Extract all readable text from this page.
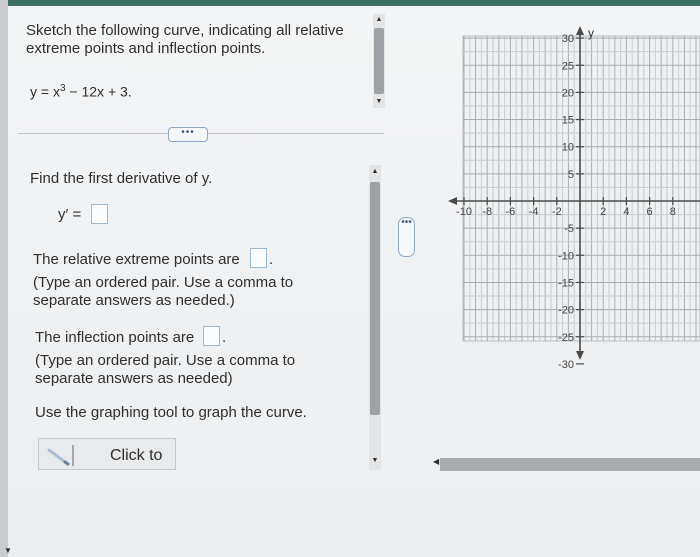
Sketch the following curve, indicating all relative
extreme points and inflection points.
$y = x^3 - 12x + 3$.
▲
▼
•••
Find the first derivative of y.
y′ =
The relative extreme points are .
(Type an ordered pair. Use a comma to
separate answers as needed.)
The inflection points are .
(Type an ordered pair. Use a comma to
separate answers as needed)
Use the graphing tool to graph the curve.
Click to
▲
▼
•••
y
-10 -8 -6 -4 -2	2 4 6 8
30
25
20
15
10
5
-5
-10
-15
-20
-25
-30
◀
▼
